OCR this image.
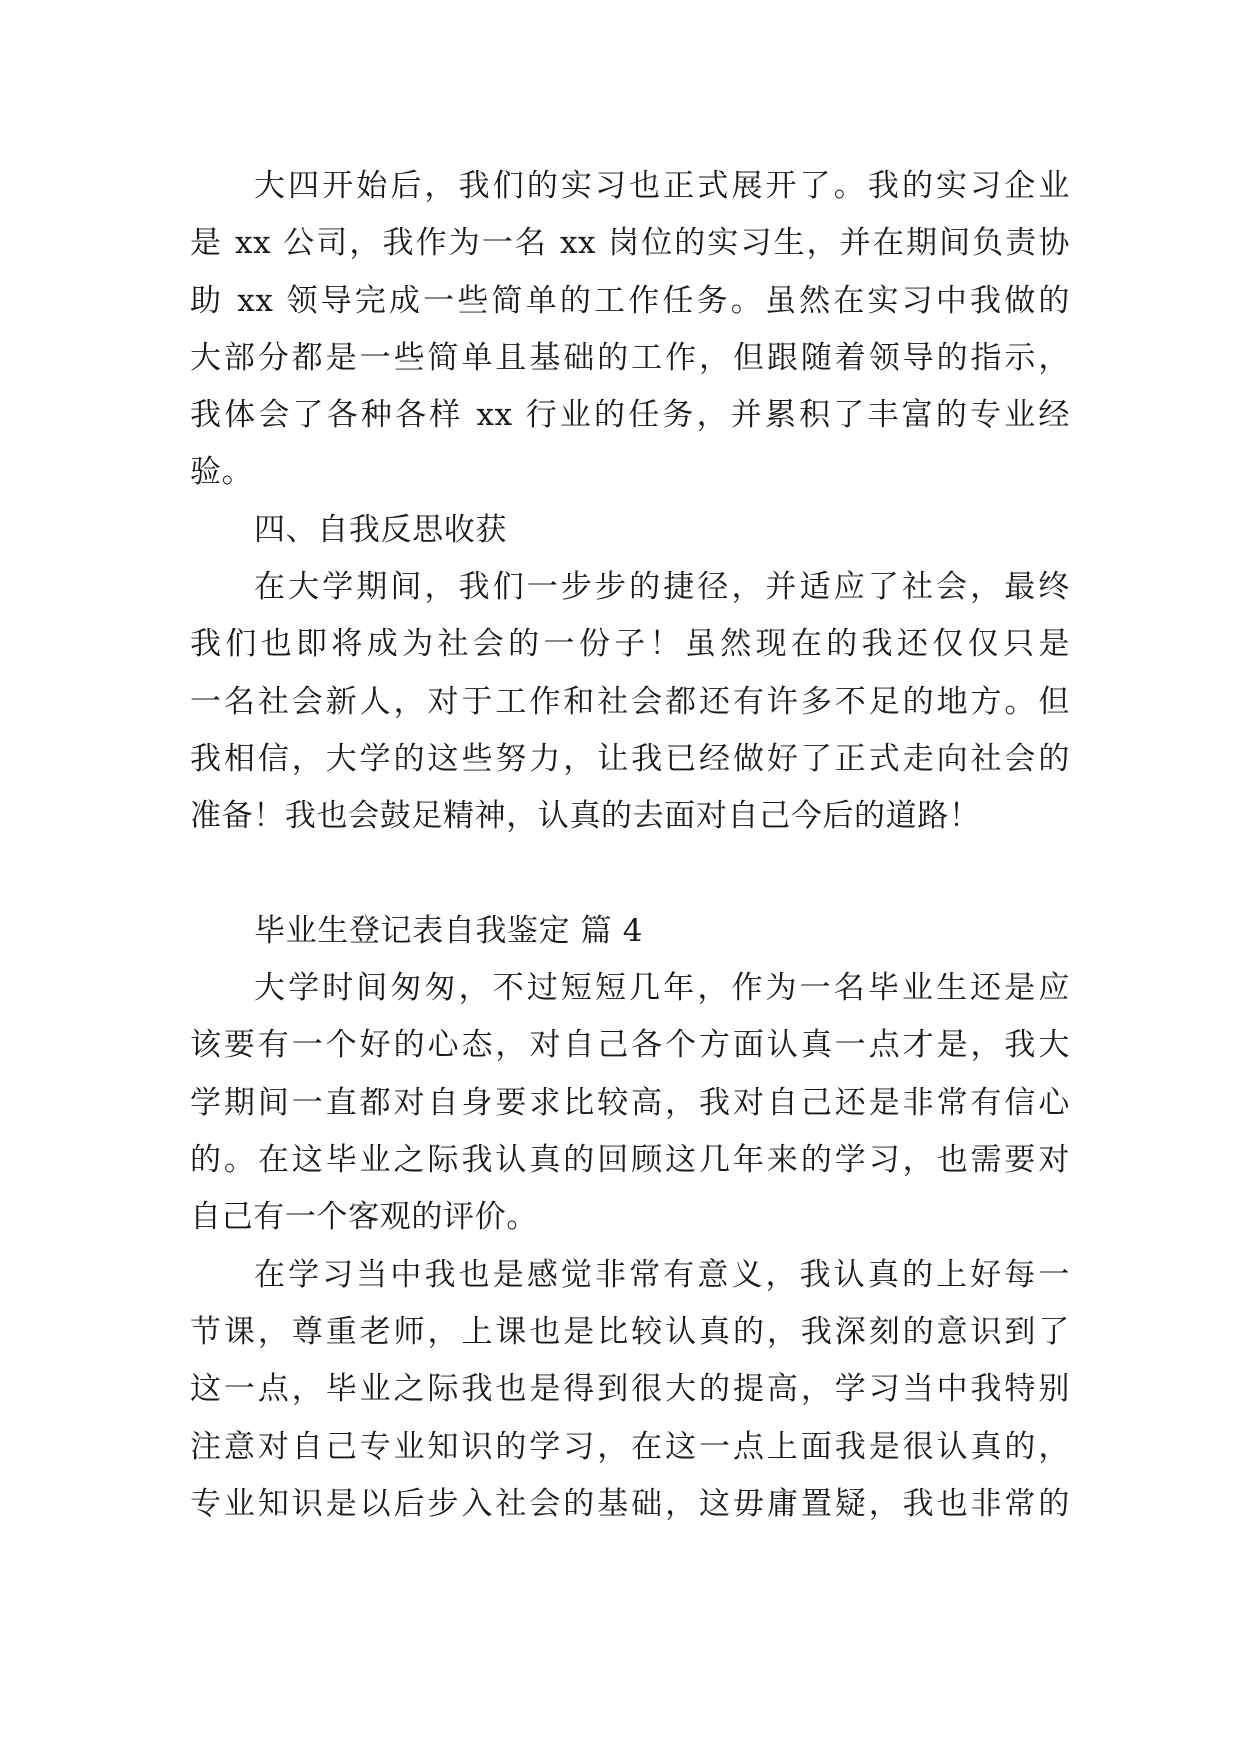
大四开始后，我们的实习也正式展开了。我的实习企业
是 xx 公司，我作为一名 xx 岗位的实习生，并在期间负责协
助 xx 领导完成一些简单的工作任务。虽然在实习中我做的
大部分都是一些简单且基础的工作，但跟随着领导的指示，
我体会了各种各样 xx 行业的任务，并累积了丰富的专业经
验。
四、自我反思收获
在大学期间，我们一步步的捷径，并适应了社会，最终
我们也即将成为社会的一份子！虽然现在的我还仅仅只是
一名社会新人，对于工作和社会都还有许多不足的地方。但
我相信，大学的这些努力，让我已经做好了正式走向社会的
准备！我也会鼓足精神，认真的去面对自己今后的道路！
毕业生登记表自我鉴定 篇 4
大学时间匆匆，不过短短几年，作为一名毕业生还是应
该要有一个好的心态，对自己各个方面认真一点才是，我大
学期间一直都对自身要求比较高，我对自己还是非常有信心
的。在这毕业之际我认真的回顾这几年来的学习，也需要对
自己有一个客观的评价。
在学习当中我也是感觉非常有意义，我认真的上好每一
节课，尊重老师，上课也是比较认真的，我深刻的意识到了
这一点，毕业之际我也是得到很大的提高，学习当中我特别
注意对自己专业知识的学习，在这一点上面我是很认真的，
专业知识是以后步入社会的基础，这毋庸置疑，我也非常的
